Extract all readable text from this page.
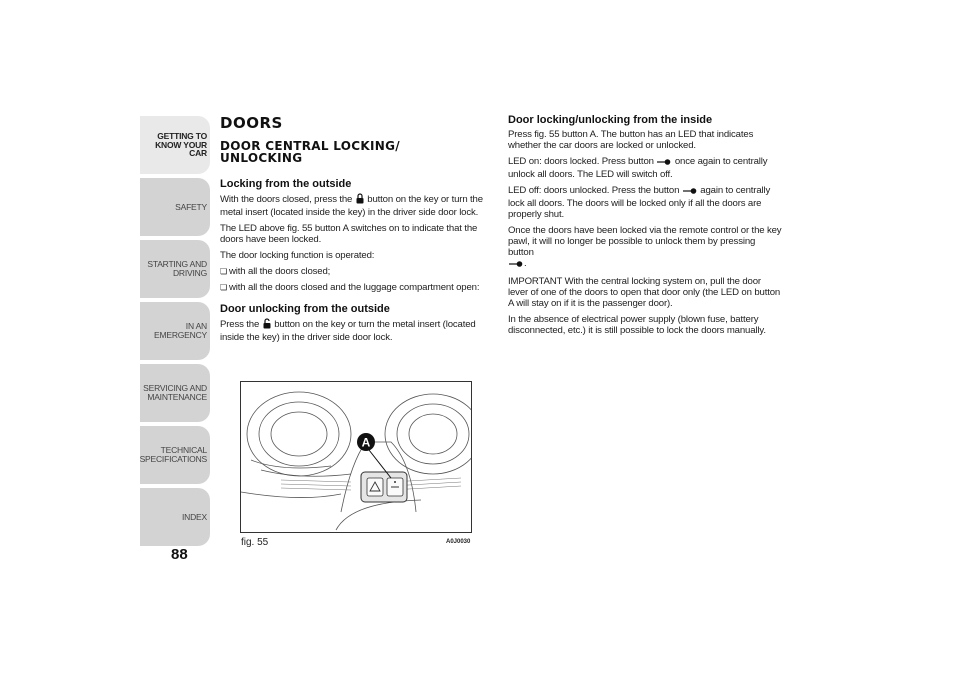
GETTING TO
KNOW YOUR CAR
SAFETY
STARTING AND
DRIVING
IN AN EMERGENCY
SERVICING AND
MAINTENANCE
TECHNICAL
SPECIFICATIONS
INDEX
88
DOORS
DOOR CENTRAL LOCKING/
UNLOCKING
Locking from the outside

With the doors closed, press the  button on the key or turn the metal insert (located inside the key) in the driver side door lock.

The LED above fig. 55 button A switches on to indicate that the doors have been locked.

The door locking function is operated:

❏ with all the doors closed;

❏ with all the doors closed and the luggage compartment open:

Door unlocking from the outside

Press the  button on the key or turn the metal insert (located inside the key) in the driver side door lock.

A
fig. 55	A0J0030
Door locking/unlocking from the inside

Press fig. 55 button A. The button has an LED that indicates whether the car doors are locked or unlocked.

LED on: doors locked. Press button  once again to centrally unlock all doors. The LED will switch off.

LED off: doors unlocked. Press the button  again to centrally lock all doors. The doors will be locked only if all the doors are properly shut.

Once the doors have been locked via the remote control or the key pawl, it will no longer be possible to unlock them by pressing button
.

IMPORTANT With the central locking system on, pull the door lever of one of the doors to open that door only (the LED on button A will stay on if it is the passenger door).

In the absence of electrical power supply (blown fuse, battery disconnected, etc.) it is still possible to lock the doors manually.
